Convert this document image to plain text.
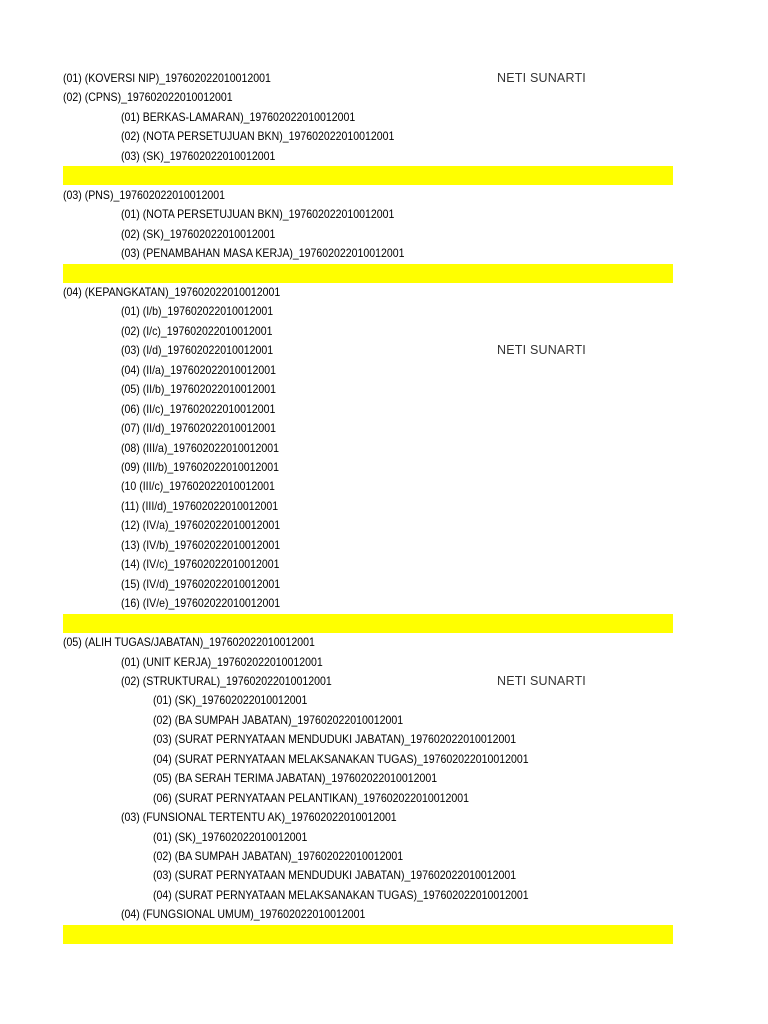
(01) (KOVERSI NIP)_197602022010012001	NETI SUNARTI
(02) (CPNS)_197602022010012001
(01) BERKAS-LAMARAN)_197602022010012001
(02) (NOTA PERSETUJUAN BKN)_197602022010012001
(03) (SK)_197602022010012001
(03) (PNS)_197602022010012001
(01) (NOTA PERSETUJUAN BKN)_197602022010012001
(02) (SK)_197602022010012001
(03) (PENAMBAHAN MASA KERJA)_197602022010012001
(04) (KEPANGKATAN)_197602022010012001
(01) (I/b)_197602022010012001
(02) (I/c)_197602022010012001
(03) (I/d)_197602022010012001	NETI SUNARTI
(04) (II/a)_197602022010012001
(05) (II/b)_197602022010012001
(06) (II/c)_197602022010012001
(07) (II/d)_197602022010012001
(08) (III/a)_197602022010012001
(09) (III/b)_197602022010012001
(10 (III/c)_197602022010012001
(11) (III/d)_197602022010012001
(12) (IV/a)_197602022010012001
(13) (IV/b)_197602022010012001
(14) (IV/c)_197602022010012001
(15) (IV/d)_197602022010012001
(16) (IV/e)_197602022010012001
(05) (ALIH TUGAS/JABATAN)_197602022010012001
(01) (UNIT KERJA)_197602022010012001
(02) (STRUKTURAL)_197602022010012001	NETI SUNARTI
(01) (SK)_197602022010012001
(02) (BA SUMPAH JABATAN)_197602022010012001
(03) (SURAT PERNYATAAN MENDUDUKI JABATAN)_197602022010012001
(04) (SURAT PERNYATAAN MELAKSANAKAN TUGAS)_197602022010012001
(05) (BA SERAH TERIMA JABATAN)_197602022010012001
(06) (SURAT PERNYATAAN PELANTIKAN)_197602022010012001
(03) (FUNSIONAL TERTENTU AK)_197602022010012001
(01) (SK)_197602022010012001
(02) (BA SUMPAH JABATAN)_197602022010012001
(03) (SURAT PERNYATAAN MENDUDUKI JABATAN)_197602022010012001
(04) (SURAT PERNYATAAN MELAKSANAKAN TUGAS)_197602022010012001
(04) (FUNGSIONAL UMUM)_197602022010012001
